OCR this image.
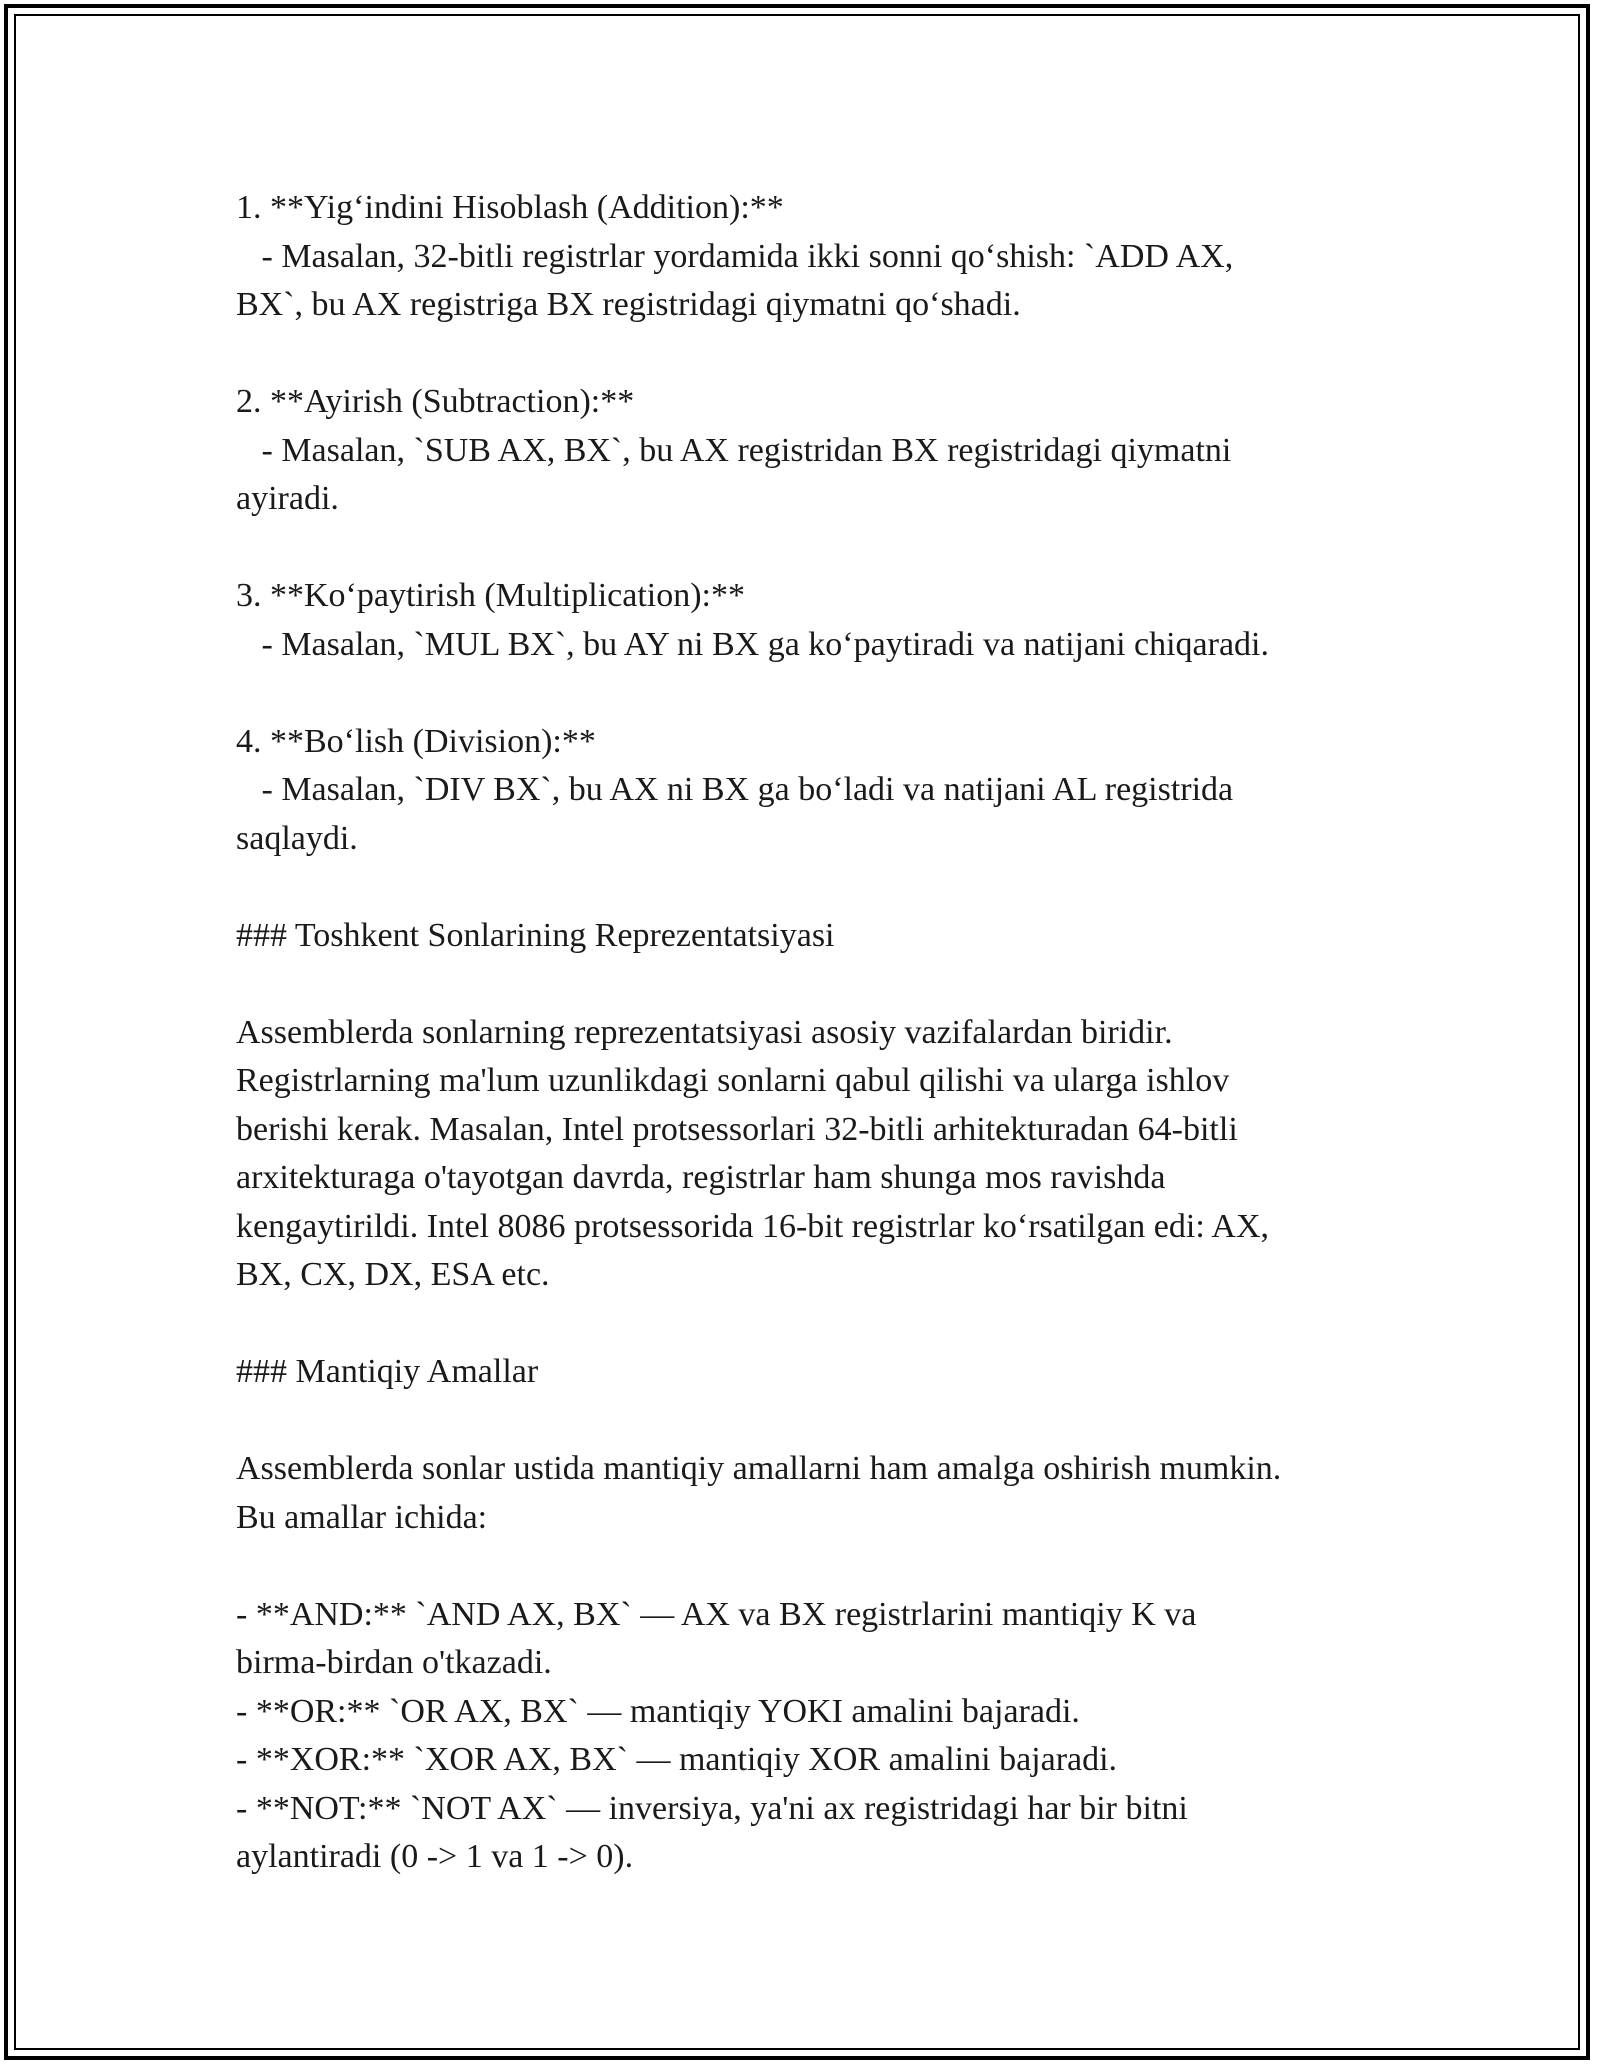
1. **Yig‘indini Hisoblash (Addition):**
- Masalan, 32-bitli registrlar yordamida ikki sonni qo‘shish: `ADD AX,
BX`, bu AX registriga BX registridagi qiymatni qo‘shadi.
2. **Ayirish (Subtraction):**
- Masalan, `SUB AX, BX`, bu AX registridan BX registridagi qiymatni
ayiradi.
3. **Ko‘paytirish (Multiplication):**
- Masalan, `MUL BX`, bu AY ni BX ga ko‘paytiradi va natijani chiqaradi.
4. **Bo‘lish (Division):**
- Masalan, `DIV BX`, bu AX ni BX ga bo‘ladi va natijani AL registrida
saqlaydi.
### Toshkent Sonlarining Reprezentatsiyasi
Assemblerda sonlarning reprezentatsiyasi asosiy vazifalardan biridir.
Registrlarning ma'lum uzunlikdagi sonlarni qabul qilishi va ularga ishlov
berishi kerak. Masalan, Intel protsessorlari 32-bitli arhitekturadan 64-bitli
arxitekturaga o'tayotgan davrda, registrlar ham shunga mos ravishda
kengaytirildi. Intel 8086 protsessorida 16-bit registrlar ko‘rsatilgan edi: AX,
BX, CX, DX, ESA etc.
### Mantiqiy Amallar
Assemblerda sonlar ustida mantiqiy amallarni ham amalga oshirish mumkin.
Bu amallar ichida:
- **AND:** `AND AX, BX` — AX va BX registrlarini mantiqiy K va
birma-birdan o'tkazadi.
- **OR:** `OR AX, BX` — mantiqiy YOKI amalini bajaradi.
- **XOR:** `XOR AX, BX` — mantiqiy XOR amalini bajaradi.
- **NOT:** `NOT AX` — inversiya, ya'ni ax registridagi har bir bitni
aylantiradi (0 -> 1 va 1 -> 0).
